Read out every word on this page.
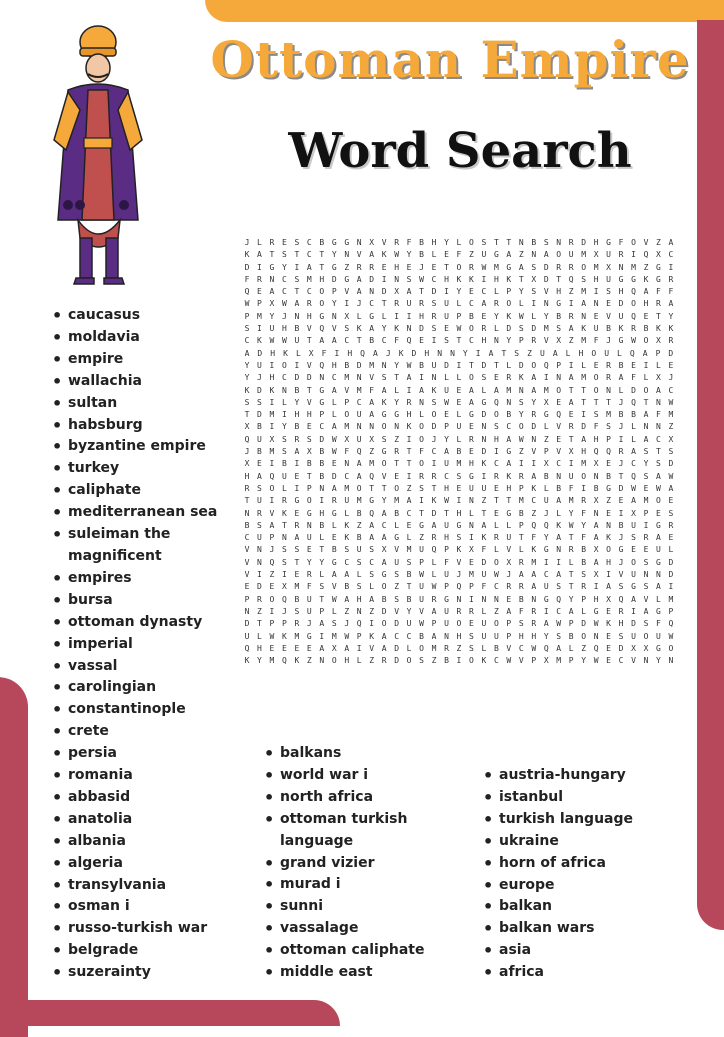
Ottoman Empire
Word Search
J L R E S C B G G N X V R F B H Y L O S T T N B S N R D H G F O V Z A
K A T S T C T Y N V A K W Y B L E F Z U G A Z N A O U M X U R I Q X C
D I G Y I A T G Z R R E H E J E T O R W M G A S D R R O M X N M Z G I
F R N C S M H D G A D I N S W C H K K I H K T X D T Q S H U G G K G R
Q E A C T C O P V A N D X A T D I Y E C L P Y S V H Z M I S H Q A F F
W P X W A R O Y I J C T R U R S U L C A R O L I N G I A N E D O H R A
P M Y J N H G N X L G L I I H R U P B E Y K W L Y B R N E V U Q E T Y
S I U H B V Q V S K A Y K N D S E W O R L D S D M S A K U B K R B K K
C K W W U T A A C T B C F Q E I S T C H N Y P R V X Z M F J G W O X R
A	D	H	K	L	X	F	I	H	Q	A	J	K	D	H	N	N	Y	I	A	T	S	Z	U	A	L	H	O	U	L	Q	A	P	D
Y U I O I V Q H B D M N Y W B U D I T D T L D O Q P I L E R B E I L E
Y J H C D D N C M N V S T A I N L L O S E R K A I N A M O R A F L X J
K D K N B T G A V M F A L I A K U E A L A M N A M O T T O N L D O A C
S S I L Y V G L P C A K Y R N S W E A G Q N S Y X E A T T T J Q T N W
T D M I H H P L O U A G G H L O E L G D O B Y R G Q E I S M B B A F M
X B I Y B E C A M N N O N K O D P U E N S C O D L V R D F S J L N N Z
Q U X S R S D W X U X S Z I O J Y L R N H A W N Z E T A H P I L A C X
J B M S A X B W F Q Z G R T F C A B E D I G Z V P V X H Q Q R A S T S
X E I B I B B E N A M O T T O I U M H K C A I I X C I M X E J C Y S D
H A Q U E T B D C A Q V E I R R C S G I R K R A B N U O N B T Q S A W
R S O L I P N A M O T T O Z S T H E U U E H P K L B F I B G D W E W A
T U I R G O I R U M G Y M A I K W I N Z T T M C U A M R X Z E A M O E
N R V K E G H G L B Q A B C T D T H L T E G B Z J L Y F N E I X P E S
B S A T R N B L K Z A C L E G A U G N A L L P Q Q K W Y A N B U I G R
C U P N A U L E K B A A G L Z R H S I K R U T F Y A T F A K J S R A E
V N J S S E T B S U S X V M U Q P K X F L V L K G N R B X O G E E U L
V N Q S T Y Y G C S C A U S P L F V E D O X R M I I L B A H J O S G D
V I Z I E R L A A L S G S B W L U J M U W J A A C A T S X I V U N N D
E D E X M F S V B S L O Z T U W P Q P F C R R A U S T R I A S G S A I
P R O Q B U T W A H A B S B U R G N I N N E B N G Q Y P H X Q A V L M
N Z I J S U P L Z N Z D V Y V A U R R L Z A F R I C A L G E R I A G P
D T P P R J A S J Q I O D U W P U O E U O P S R A W P D W K H D S F Q
U L W K M G I M W P K A C C B A N H S U U P H H Y S B O N E S U O U W
Q H E E E E A X A I V A D L O M R Z S L B V C W Q A L Z Q E D X X G O
K Y M Q K Z N O H L Z R D O S Z B I O K C W V P X M P Y W E C V N Y N
• caucasus
• moldavia
• empire
• wallachia
• sultan
• habsburg
• byzantine empire
• turkey
• caliphate
• mediterranean sea
• suleiman the magnificent
• empires
• bursa
• ottoman dynasty
• imperial
• vassal
• carolingian
• constantinople
• crete
• persia
• romania
• abbasid
• anatolia
• albania
• algeria
• transylvania
• osman i
• russo-turkish war
• belgrade
• suzerainty
• balkans
• world war i
• north africa
• ottoman turkish language
• grand vizier
• murad i
• sunni
• vassalage
• ottoman caliphate
• middle east
• austria-hungary
• istanbul
• turkish language
• ukraine
• horn of africa
• europe
• balkan
• balkan wars
• asia
• africa
